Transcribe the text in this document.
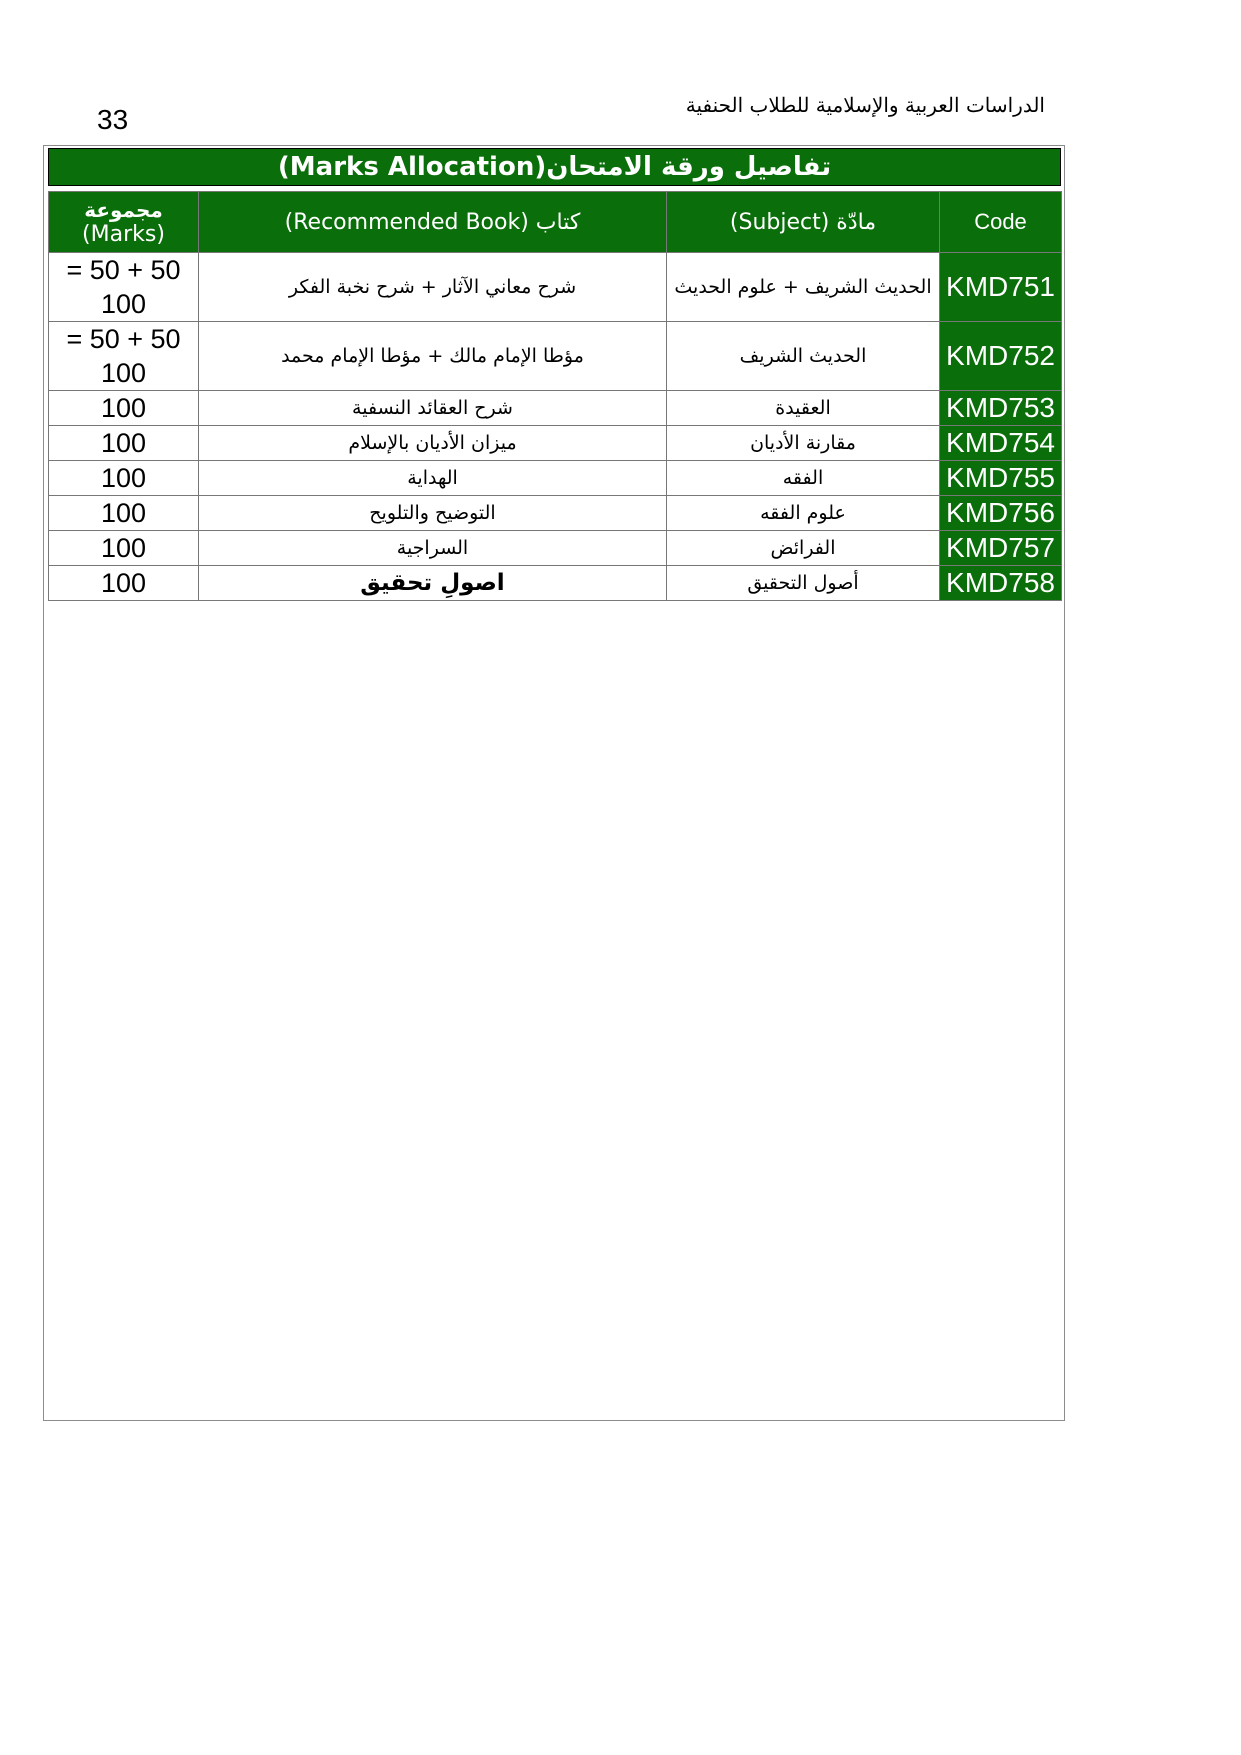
33	الدراسات العربية والإسلامية للطلاب الحنفية
تفاصيل ورقة الامتحان
(Marks Allocation)
مجموعة
(Marks)	(Recommended Book) كتاب	(Subject) مادّة	Code

= 50 + 50
100	شرح معاني الآثار + شرح نخبة الفكر	الحديث الشريف + علوم الحديث	KMD751

= 50 + 50
100	مؤطا الإمام مالك + مؤطا الإمام محمد	الحديث الشريف	KMD752
100	شرح العقائد النسفية	العقيدة	KMD753
100	ميزان الأديان بالإسلام	مقارنة الأديان	KMD754
100	الهداية	الفقه	KMD755
100	التوضيح والتلويح	علوم الفقه	KMD756
100	السراجية	الفرائض	KMD757
100	اصولِ تحقیق	أصول التحقيق	KMD758
